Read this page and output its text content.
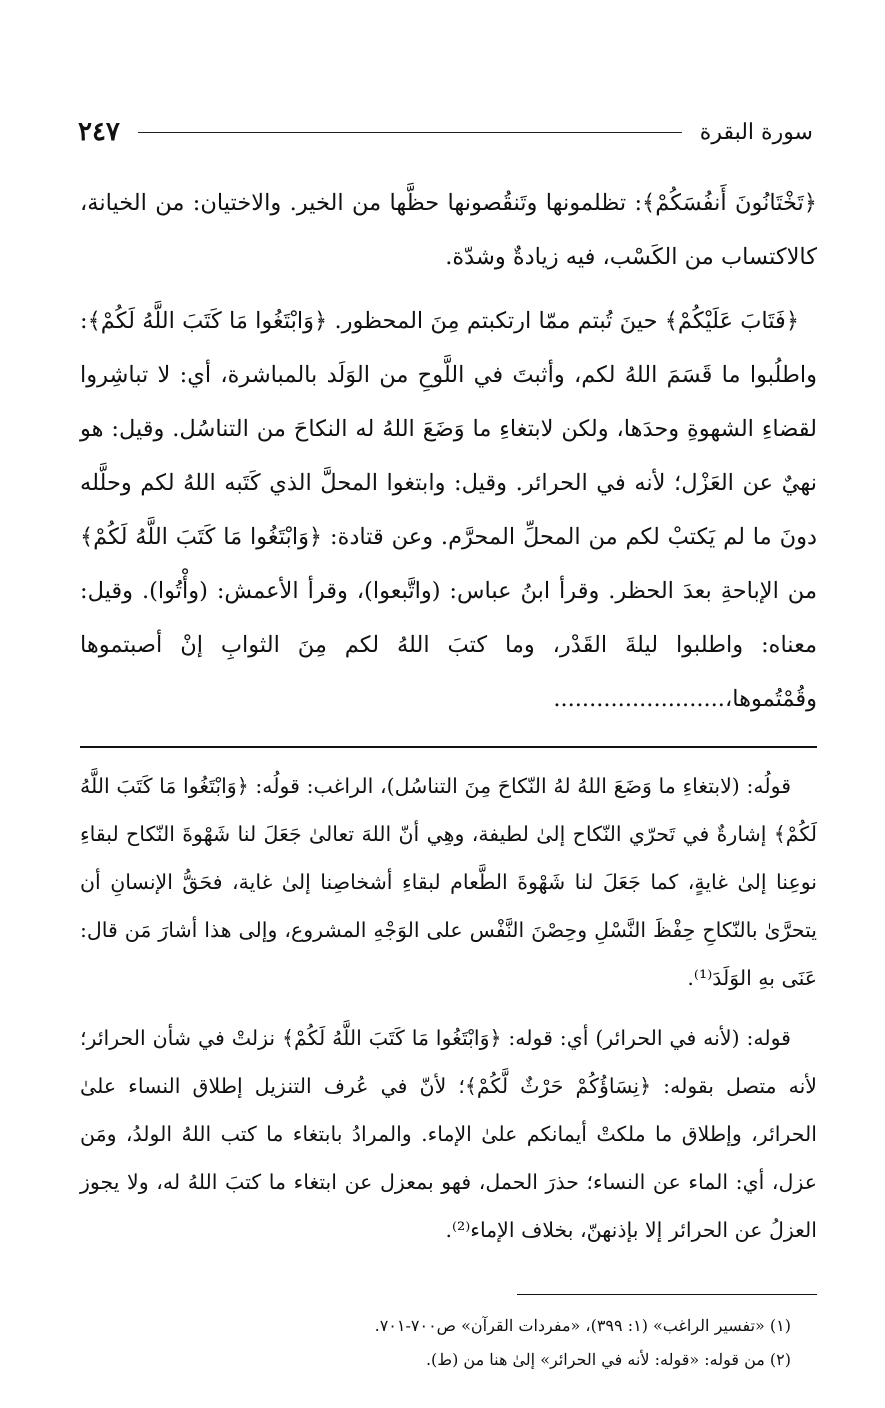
سورة البقرة
٢٤٧

﴿تَخْتَانُونَ أَنفُسَكُمْ﴾: تظلمونها وتَنقُصونها حظَّها من الخير. والاختيان: من الخيانة، كالاكتساب من الكَسْب، فيه زيادةٌ وشدّة.

﴿فَتَابَ عَلَيْكُمْ﴾ حينَ تُبتم ممّا ارتكبتم مِنَ المحظور. ﴿وَابْتَغُوا مَا كَتَبَ اللَّهُ لَكُمْ﴾: واطلُبوا ما قَسَمَ اللهُ لكم، وأثبتَ في اللَّوحِ من الوَلَد بالمباشرة، أي: لا تباشِروا لقضاءِ الشهوةِ وحدَها، ولكن لابتغاءِ ما وَضَعَ اللهُ له النكاحَ من التناسُل. وقيل: هو نهيٌ عن العَزْل؛ لأنه في الحرائر. وقيل: وابتغوا المحلَّ الذي كَتَبه اللهُ لكم وحلَّله دونَ ما لم يَكتبْ لكم من المحلِّ المحرَّم. وعن قتادة: ﴿وَابْتَغُوا مَا كَتَبَ اللَّهُ لَكُمْ﴾ من الإباحةِ بعدَ الحظر. وقرأ ابنُ عباس: (واتَّبعوا)، وقرأ الأعمش: (وأْتُوا). وقيل: معناه: واطلبوا ليلةَ القَدْر، وما كتبَ اللهُ لكم مِنَ الثوابِ إنْ أصبتموها وقُمْتُموها،........................

قولُه: (لابتغاءِ ما وَضَعَ اللهُ لهُ النّكاحَ مِنَ التناسُل)، الراغب: قولُه: ﴿وَابْتَغُوا مَا كَتَبَ اللَّهُ لَكُمْ﴾ إشارةٌ في تَحرّي النّكاح إلىٰ لطيفة، وهِي أنّ اللهَ تعالىٰ جَعَلَ لنا شَهْوةَ النّكاح لبقاءِ نوعِنا إلىٰ غايةٍ، كما جَعَلَ لنا شَهْوةَ الطَّعام لبقاءِ أشخاصِنا إلىٰ غاية، فحَقُّ الإنسانِ أن يتحرَّىٰ بالنّكاحِ حِفْظَ النَّسْلِ وحِصْنَ النَّفْس على الوَجْهِ المشروع، وإلى هذا أشارَ مَن قال: عَنَى بهِ الوَلَدَ⁽¹⁾.

قوله: (لأنه في الحرائر) أي: قوله: ﴿وَابْتَغُوا مَا كَتَبَ اللَّهُ لَكُمْ﴾ نزلتْ في شأن الحرائر؛ لأنه متصل بقوله: ﴿نِسَاؤُكُمْ حَرْثٌ لَّكُمْ﴾؛ لأنّ في عُرف التنزيل إطلاق النساء علىٰ الحرائر، وإطلاق ما ملكتْ أيمانكم علىٰ الإماء. والمرادُ بابتغاء ما كتب اللهُ الولدُ، ومَن عزل، أي: الماء عن النساء؛ حذرَ الحمل، فهو بمعزل عن ابتغاء ما كتبَ اللهُ له، ولا يجوز العزلُ عن الحرائر إلا بإذنهنّ، بخلاف الإماء⁽²⁾.

(١) «تفسير الراغب» (١: ٣٩٩)، «مفردات القرآن» ص٧٠٠-٧٠١.

(٢) من قوله: «قوله: لأنه في الحرائر» إلىٰ هنا من (ط).
